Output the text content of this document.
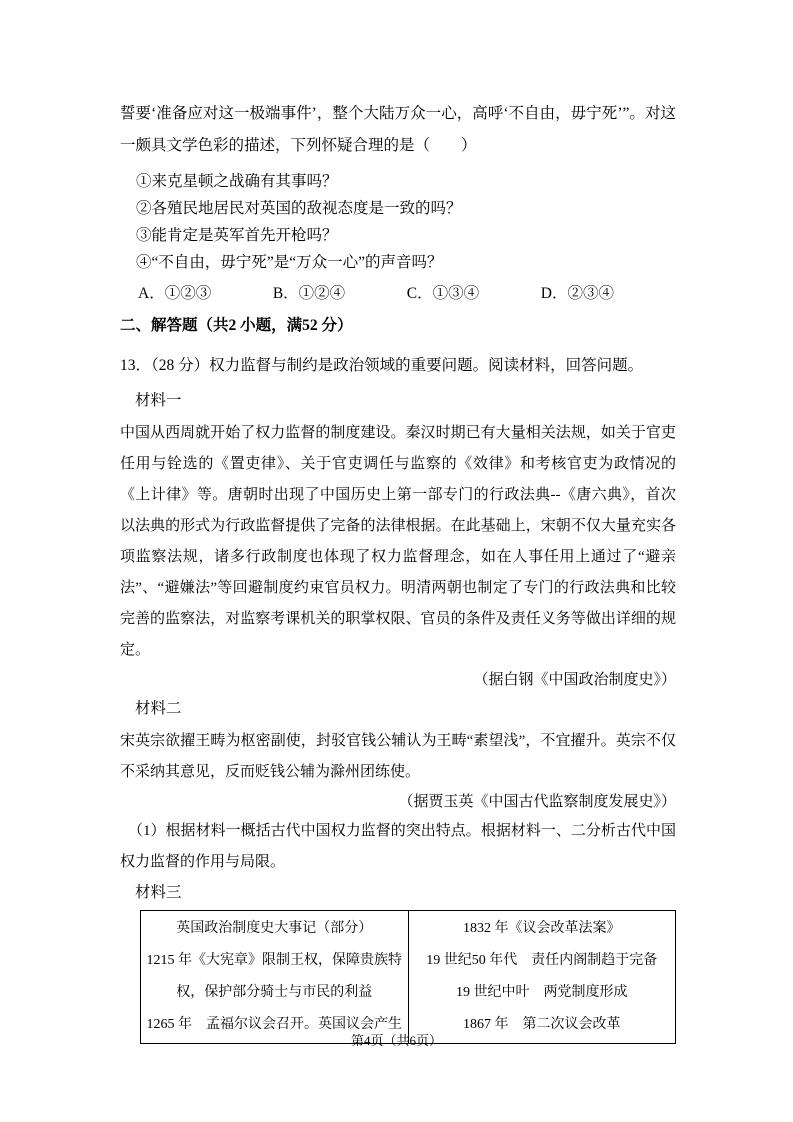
誓要‘准备应对这一极端事件’，整个大陆万众一心，高呼‘不自由，毋宁死’”。对这一颇具文学色彩的描述，下列怀疑合理的是（　　）

①来克星顿之战确有其事吗？

②各殖民地居民对英国的敌视态度是一致的吗？

③能肯定是英军首先开枪吗？

④“不自由，毋宁死”是“万众一心”的声音吗？

A．①②③	B．①②④	C．①③④	D．②③④

二、解答题（共2 小题，满52 分）

13．（28 分）权力监督与制约是政治领域的重要问题。阅读材料，回答问题。

材料一

中国从西周就开始了权力监督的制度建设。秦汉时期已有大量相关法规，如关于官吏任用与铨选的《置吏律》、关于官吏调任与监察的《效律》和考核官吏为政情况的《上计律》等。唐朝时出现了中国历史上第一部专门的行政法典--《唐六典》，首次以法典的形式为行政监督提供了完备的法律根据。在此基础上，宋朝不仅大量充实各项监察法规，诸多行政制度也体现了权力监督理念，如在人事任用上通过了“避亲法”、“避嫌法”等回避制度约束官员权力。明清两朝也制定了专门的行政法典和比较完善的监察法，对监察考课机关的职掌权限、官员的条件及责任义务等做出详细的规定。

（据白钢《中国政治制度史》）

材料二

宋英宗欲擢王畴为枢密副使，封驳官钱公辅认为王畴“素望浅”，不宜擢升。英宗不仅不采纳其意见，反而贬钱公辅为滁州团练使。

（据贾玉英《中国古代监察制度发展史》）

（1）根据材料一概括古代中国权力监督的突出特点。根据材料一、二分析古代中国权力监督的作用与局限。

材料三

英国政治制度史大事记（部分）

1215 年《大宪章》限制王权，保障贵族特权，保护部分骑士与市民的利益

1265 年　孟福尔议会召开。英国议会产生

1832 年《议会改革法案》

19 世纪50 年代　责任内阁制趋于完备

19 世纪中叶　两党制度形成

1867 年　第二次议会改革

第4页（共6页）
